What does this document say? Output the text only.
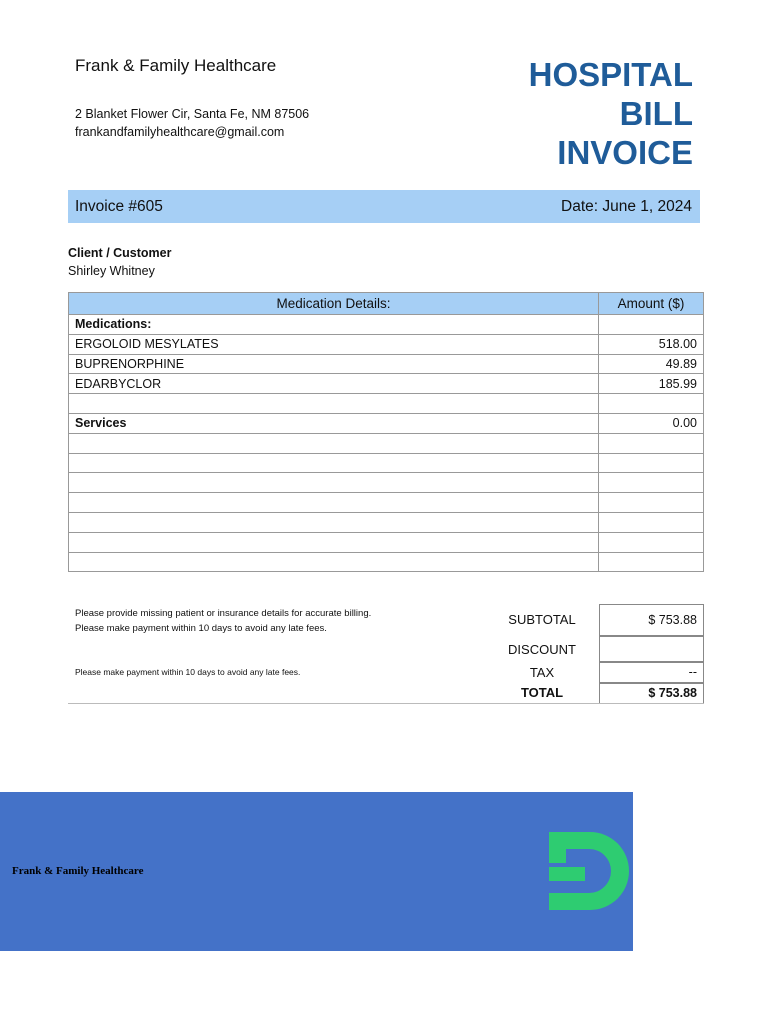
Frank & Family Healthcare
2 Blanket Flower Cir, Santa Fe, NM 87506
frankandfamilyhealthcare@gmail.com
HOSPITAL
BILL
INVOICE
Invoice #605	Date: June 1, 2024
Client / Customer
Shirley Whitney
Medication Details:	Amount ($)
Medications:	
ERGOLOID MESYLATES	518.00
BUPRENORPHINE	49.89
EDARBYCLOR	185.99

Services	0.00

Please provide missing patient or insurance details for accurate billing.
Please make payment within 10 days to avoid any late fees.
Please make payment within 10 days to avoid any late fees.
SUBTOTAL	$ 753.88
DISCOUNT
TAX	--
TOTAL	$ 753.88
Frank & Family Healthcare
